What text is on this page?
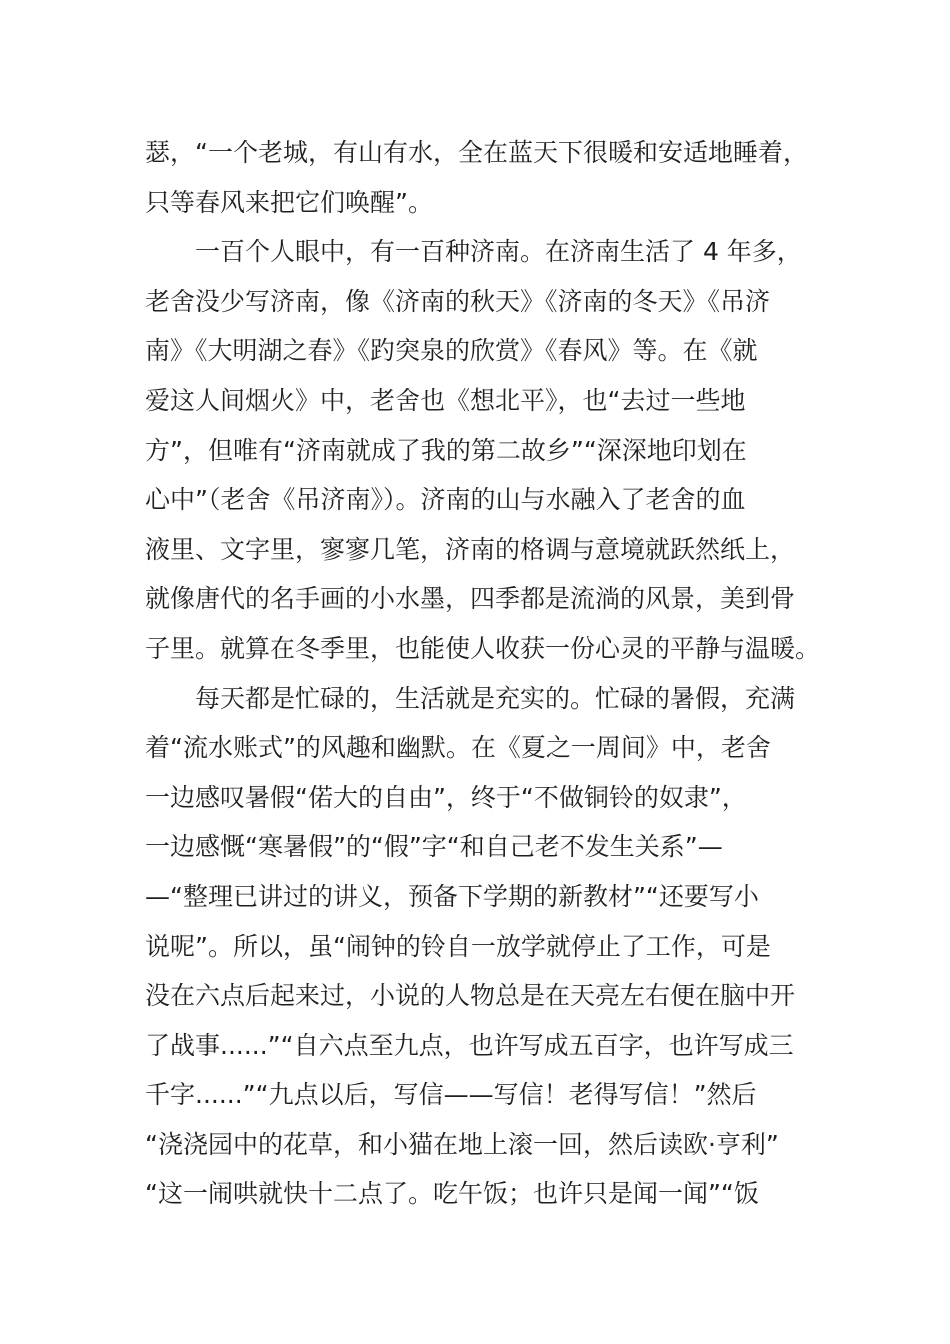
瑟，“一个老城，有山有水，全在蓝天下很暖和安适地睡着，
只等春风来把它们唤醒”。
一百个人眼中，有一百种济南。在济南生活了 4 年多，
老舍没少写济南，像《济南的秋天》《济南的冬天》《吊济
南》《大明湖之春》《趵突泉的欣赏》《春风》等。在《就
爱这人间烟火》中，老舍也《想北平》，也“去过一些地
方”，但唯有“济南就成了我的第二故乡”“深深地印划在
心中”（老舍《吊济南》）。济南的山与水融入了老舍的血
液里、文字里，寥寥几笔，济南的格调与意境就跃然纸上，
就像唐代的名手画的小水墨，四季都是流淌的风景，美到骨
子里。就算在冬季里，也能使人收获一份心灵的平静与温暖。
每天都是忙碌的，生活就是充实的。忙碌的暑假，充满
着“流水账式”的风趣和幽默。在《夏之一周间》中，老舍
一边感叹暑假“偌大的自由”，终于“不做铜铃的奴隶”，
一边感慨“寒暑假”的“假”字“和自己老不发生关系”—
—“整理已讲过的讲义，预备下学期的新教材”“还要写小
说呢”。所以，虽“闹钟的铃自一放学就停止了工作，可是
没在六点后起来过，小说的人物总是在天亮左右便在脑中开
了战事......”“自六点至九点，也许写成五百字，也许写成三
千字......”“九点以后，写信——写信！老得写信！”然后
“浇浇园中的花草，和小猫在地上滚一回，然后读欧·亨利”
“这一闹哄就快十二点了。吃午饭；也许只是闻一闻”“饭
